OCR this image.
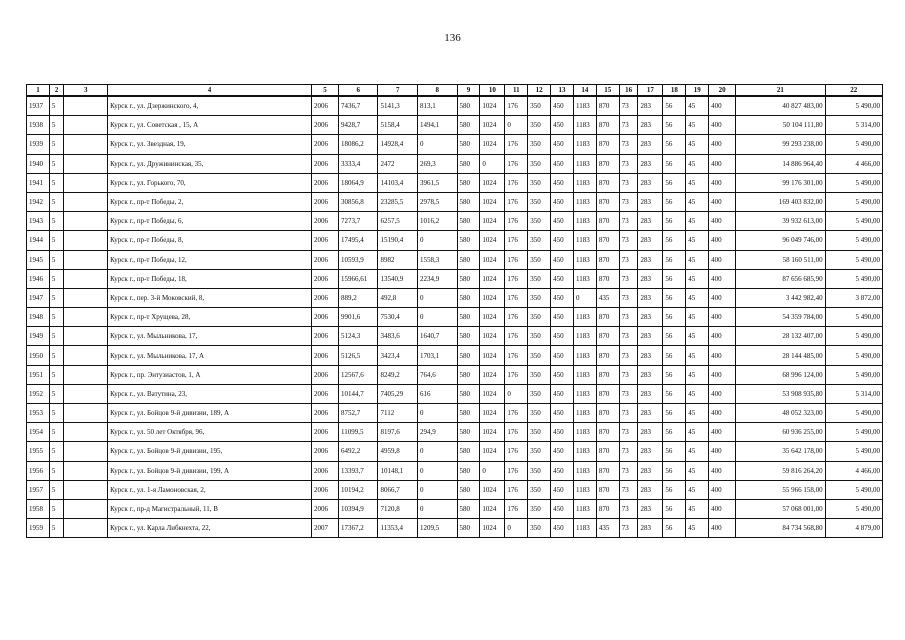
136
1	2	3	4	5	6	7	8	9	10	11	12	13	14	15	16	17	18	19	20	21	22
1937	5		Курск г., ул. Дзержинского, 4,	2006	7436,7	5141,3	813,1	580	1024	176	350	450	1183	870	73	283	56	45	400	40 827 483,00	5 490,00
1938	5		Курск г., ул. Советская , 15, А	2006	9428,7	5158,4	1494,1	580	1024	0	350	450	1183	870	73	283	56	45	400	50 104 111,80	5 314,00
1939	5		Курск г., ул. Звездная, 19,	2006	18086,2	14928,4	0	580	1024	176	350	450	1183	870	73	283	56	45	400	99 293 238,00	5 490,00
1940	5		Курск г., ул. Дружининская, 35,	2006	3333,4	2472	269,3	580	0	176	350	450	1183	870	73	283	56	45	400	14 886 964,40	4 466,00
1941	5		Курск г., ул. Горького, 70,	2006	18064,9	14103,4	3961,5	580	1024	176	350	450	1183	870	73	283	56	45	400	99 176 301,00	5 490,00
1942	5		Курск г., пр-т Победы, 2,	2006	30856,8	23285,5	2978,5	580	1024	176	350	450	1183	870	73	283	56	45	400	169 403 832,00	5 490,00
1943	5		Курск г., пр-т Победы, 6,	2006	7273,7	6257,5	1016,2	580	1024	176	350	450	1183	870	73	283	56	45	400	39 932 613,00	5 490,00
1944	5		Курск г., пр-т Победы, 8,	2006	17495,4	15190,4	0	580	1024	176	350	450	1183	870	73	283	56	45	400	96 049 746,00	5 490,00
1945	5		Курск г., пр-т Победы, 12,	2006	10593,9	8982	1558,3	580	1024	176	350	450	1183	870	73	283	56	45	400	58 160 511,00	5 490,00
1946	5		Курск г., пр-т Победы, 18,	2006	15966,61	13540,9	2234,9	580	1024	176	350	450	1183	870	73	283	56	45	400	87 656 685,90	5 490,00
1947	5		Курск г., пер. 3-й Моковский, 8,	2006	889,2	492,8	0	580	1024	176	350	450	0	435	73	283	56	45	400	3 442 982,40	3 872,00
1948	5		Курск г., пр-т Хрущева, 28,	2006	9901,6	7530,4	0	580	1024	176	350	450	1183	870	73	283	56	45	400	54 359 784,00	5 490,00
1949	5		Курск г., ул. Мыльникова, 17,	2006	5124,3	3483,6	1640,7	580	1024	176	350	450	1183	870	73	283	56	45	400	28 132 407,00	5 490,00
1950	5		Курск г., ул. Мыльникова, 17, А	2006	5126,5	3423,4	1703,1	580	1024	176	350	450	1183	870	73	283	56	45	400	28 144 485,00	5 490,00
1951	5		Курск г., пр. Энтузиастов, 1, А	2006	12567,6	8249,2	764,6	580	1024	176	350	450	1183	870	73	283	56	45	400	68 996 124,00	5 490,00
1952	5		Курск г., ул. Ватутина, 23,	2006	10144,7	7405,29	616	580	1024	0	350	450	1183	870	73	283	56	45	400	53 908 935,80	5 314,00
1953	5		Курск г., ул. Бойцов 9-й дивизии, 189, А	2006	8752,7	7112	0	580	1024	176	350	450	1183	870	73	283	56	45	400	48 052 323,00	5 490,00
1954	5		Курск г., ул. 50 лет Октября, 96,	2006	11099,5	8197,6	294,9	580	1024	176	350	450	1183	870	73	283	56	45	400	60 936 255,00	5 490,00
1955	5		Курск г., ул. Бойцов 9-й дивизии, 195,	2006	6492,2	4959,8	0	580	1024	176	350	450	1183	870	73	283	56	45	400	35 642 178,00	5 490,00
1956	5		Курск г., ул. Бойцов 9-й дивизии, 199, А	2006	13393,7	10148,1	0	580	0	176	350	450	1183	870	73	283	56	45	400	59 816 264,20	4 466,00
1957	5		Курск г., ул. 1-я Ламоновская, 2,	2006	10194,2	8066,7	0	580	1024	176	350	450	1183	870	73	283	56	45	400	55 966 158,00	5 490,00
1958	5		Курск г., пр-д Магистральный, 11, В	2006	10394,9	7120,8	0	580	1024	176	350	450	1183	870	73	283	56	45	400	57 068 001,00	5 490,00
1959	5		Курск г., ул. Карла Либкнехта, 22,	2007	17367,2	11353,4	1209,5	580	1024	0	350	450	1183	435	73	283	56	45	400	84 734 568,80	4 879,00
